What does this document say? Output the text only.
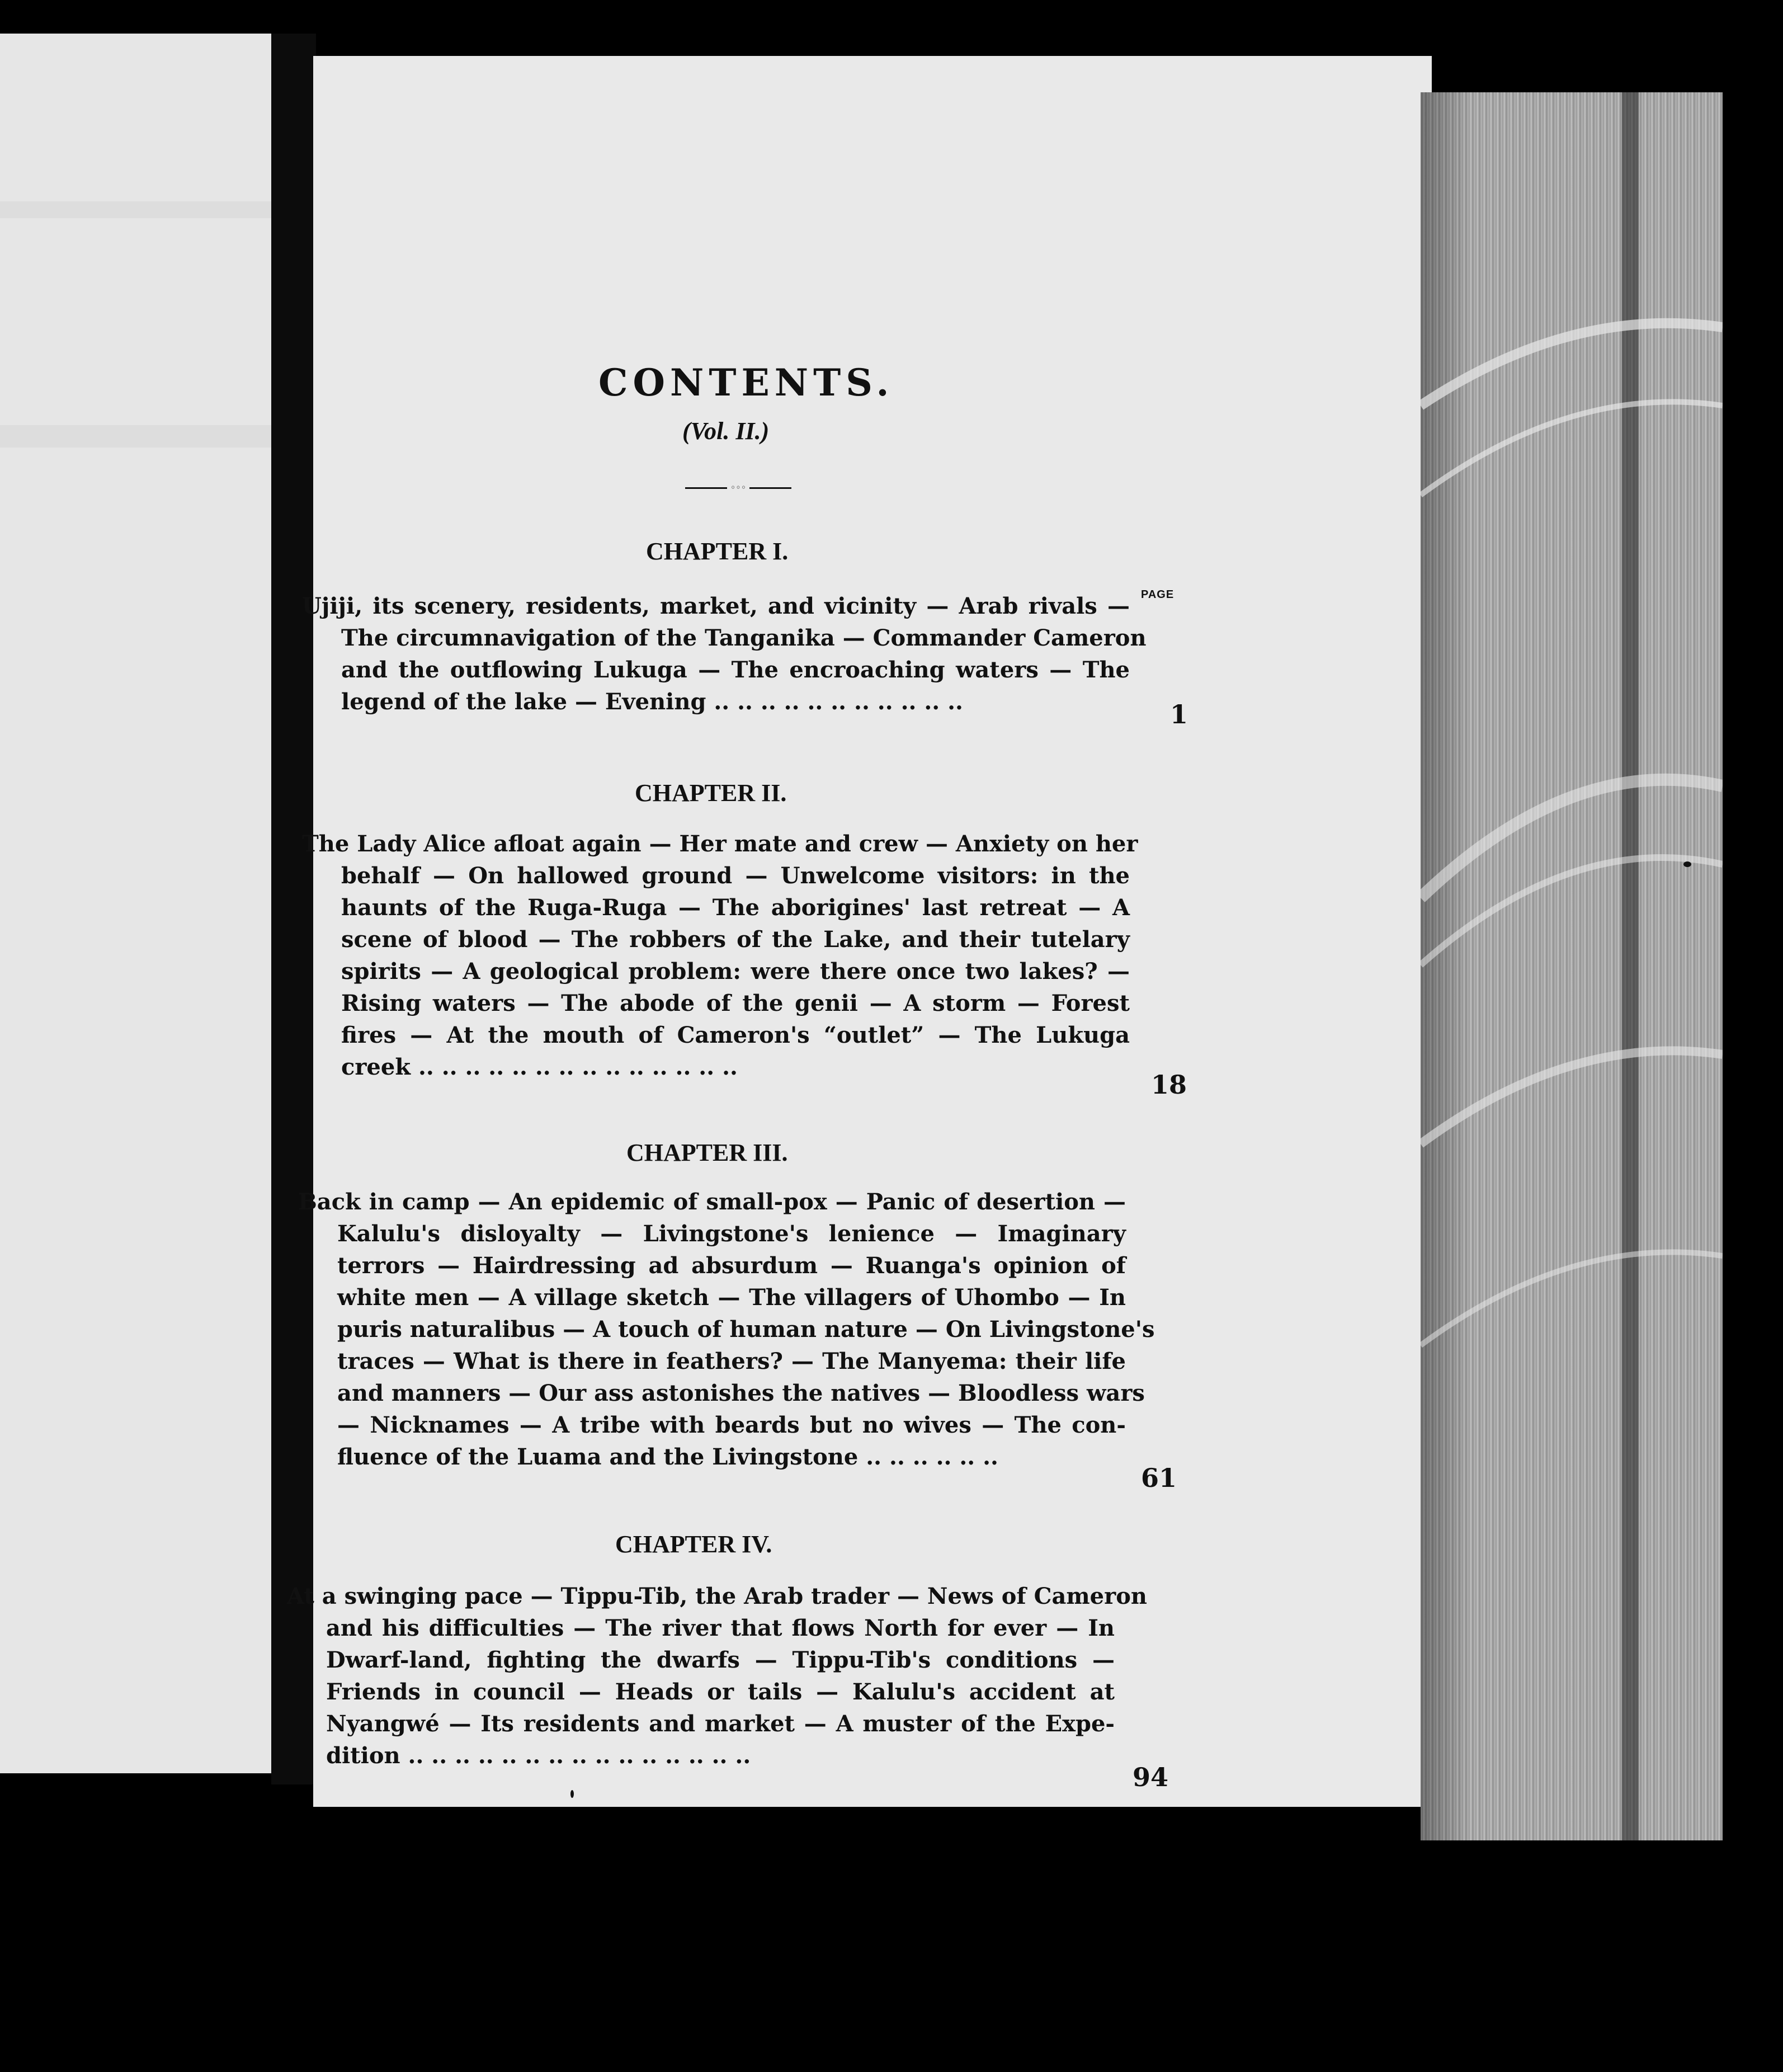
CONTENTS.
(Vol. II.)
◦◦◦
PAGE
CHAPTER I.
Ujiji, its scenery, residents, market, and vicinity — Arab rivals —
The circumnavigation of the Tanganika — Commander Cameron
and the outflowing Lukuga — The encroaching waters — The
legend of the lake — Evening .. .. .. .. .. .. .. .. .. .. ..	1
CHAPTER II.
The Lady Alice afloat again — Her mate and crew — Anxiety on her
behalf — On hallowed ground — Unwelcome visitors: in the
haunts of the Ruga-Ruga — The aborigines' last retreat — A
scene of blood — The robbers of the Lake, and their tutelary
spirits — A geological problem: were there once two lakes? —
Rising waters — The abode of the genii — A storm — Forest
fires — At the mouth of Cameron's “outlet” — The Lukuga
creek .. .. .. .. .. .. .. .. .. .. .. .. .. ..
18
CHAPTER III.
Back in camp — An epidemic of small-pox — Panic of desertion —
Kalulu's disloyalty — Livingstone's lenience — Imaginary
terrors — Hairdressing ad absurdum — Ruanga's opinion of
white men — A village sketch — The villagers of Uhombo — In
puris naturalibus — A touch of human nature — On Livingstone's
traces — What is there in feathers? — The Manyema: their life
and manners — Our ass astonishes the natives — Bloodless wars
— Nicknames — A tribe with beards but no wives — The con-
fluence of the Luama and the Livingstone .. .. .. .. .. ..
61
CHAPTER IV.
At a swinging pace — Tippu-Tib, the Arab trader — News of Cameron
and his difficulties — The river that flows North for ever — In
Dwarf-land, fighting the dwarfs — Tippu-Tib's conditions —
Friends in council — Heads or tails — Kalulu's accident at
Nyangwé — Its residents and market — A muster of the Expe-
dition .. .. .. .. .. .. .. .. .. .. .. .. .. .. ..
94
